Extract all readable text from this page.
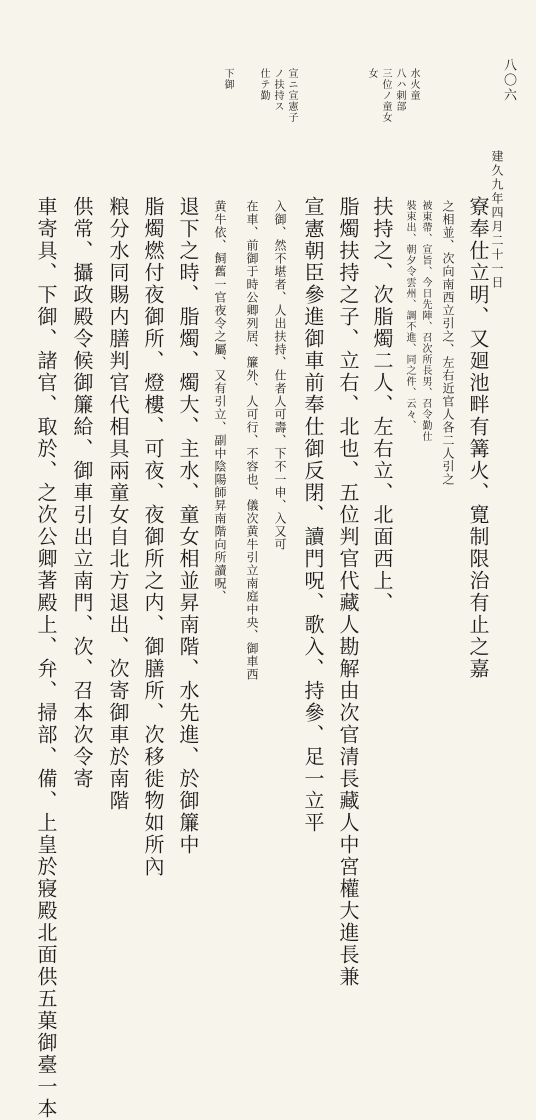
八〇六
建久九年四月二十一日
水火童
八ハ刺部
三位ノ童女
女
宣ニ宣憲子
ノ扶持ス
仕テ勤
下御
寮奉仕立明、又廻池畔有篝火、寛制限治有止之嘉
之相並、次向南西立引之、左右近官人各二人引之
被東帶、宣旨、今日先陣、召次所長男、召令勤仕
裝束出、朝夕令雲州、調不進、同之件、云々、
扶持之、次脂燭二人、左右立、北面西上、
脂燭扶持之子、立右、北也、五位判官代藏人勘解由次官清長藏人中宮權大進長兼
宣憲朝臣參進御車前奉仕御反閉、讀門呪、歌入、持參、足一立平
入御、然不堪者、人出扶持、仕者人可壽、下不一申、入又可
在車、前御于時公卿列居、簾外、人可行、不容也、儀次黄牛引立南庭中央、御車西
黄牛依、飼舊一官夜令之屬、又有引立、副中陰陽師昇南階向所讀呪、
退下之時、脂燭、燭大、主水、童女相並昇南階、水先進、於御簾中
脂燭燃付夜御所、燈樓、可夜、夜御所之内、御膳所、次移徙物如所內
粮分水同賜内膳判官代相具兩童女自北方退出、次寄御車於南階
供常、攝政殿令候御簾給、御車引出立南門、次、召本次令寄
車寄具、下御、諸官、取於、之次公卿著殿上、弁、掃部、備、上皇於寢殿北面供五菓御臺一本
